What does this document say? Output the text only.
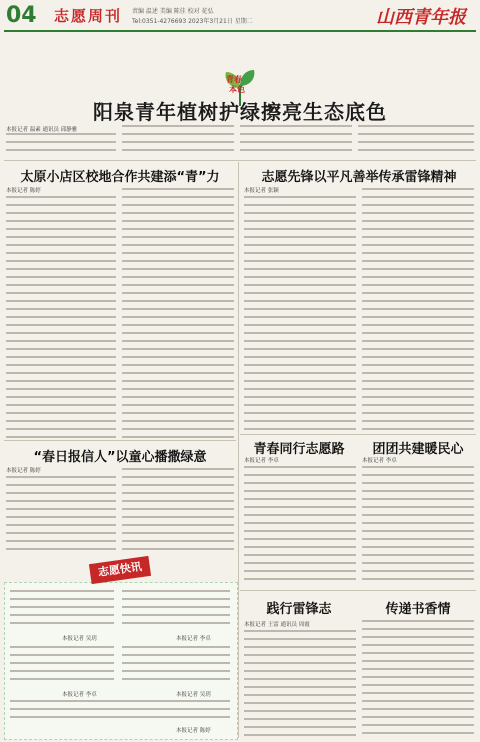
04 志愿周刊 责编 温述 美编 陈佳 校对 花弘
Tel:0351-4276693 2023年3月21日 星期二	山西青年报
青春
本色
阳泉青年植树护绿擦亮生态底色
本报记者 温素 通讯员 邱静雅
太原小店区校地合作共建添“青”力
本报记者 陈婷
志愿先锋以平凡善举传承雷锋精神
本报记者 张颖
“春日报信人”以童心播撒绿意
本报记者 陈婷
青春同行志愿路
本报记者 李卓
团团共建暖民心
本报记者 李卓
践行雷锋志
本报记者 王雷 通讯员 周霞
传递书香情
志愿快讯
本报记者 吴玥	本报记者 李卓
本报记者 李卓	本报记者 吴玥
本报记者 陈婷
